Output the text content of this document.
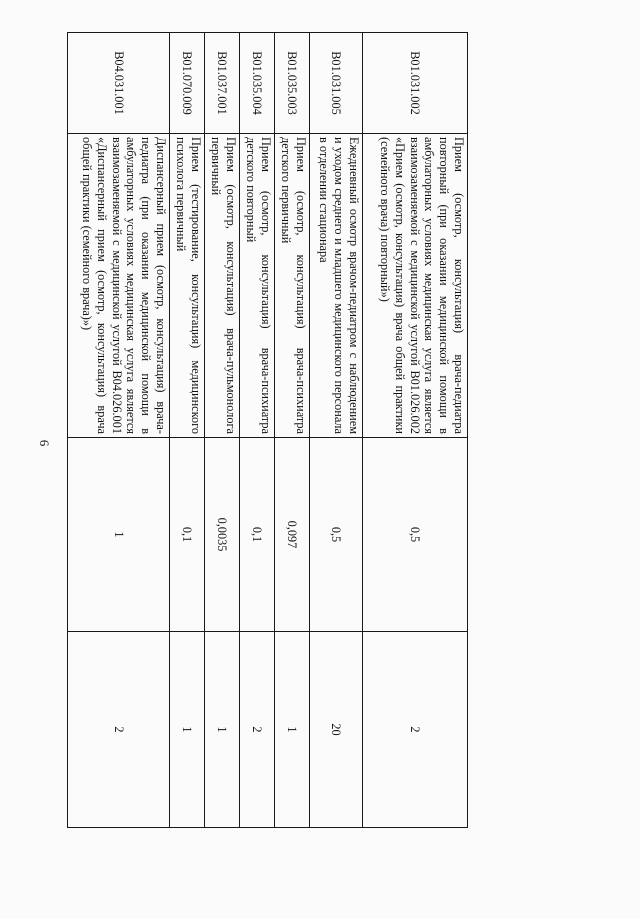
6
B01.031.002	Прием (осмотр, консультация) врача-педиатра повторный (при оказании медицинской помощи в амбулаторных условиях медицинская услуга является взаимозаменяемой с медицинской услугой B01.026.002 «Прием (осмотр, консультация) врача общей практики (семейного врача) повторный»)	0,5	2
B01.031.005	Ежедневный осмотр врачом-педиатром с наблюдением и уходом среднего и младшего медицинского персонала в отделении стационара	0,5	20
B01.035.003	Прием (осмотр, консультация) врача-психиатра детского первичный	0,097	1
B01.035.004	Прием (осмотр, консультация) врача-психиатра детского повторный	0,1	2
B01.037.001	Прием (осмотр, консультация) врача-пульмонолога первичный	0,0035	1
B01.070.009	Прием (тестирование, консультация) медицинского психолога первичный	0,1	1
B04.031.001	Диспансерный прием (осмотр, консультация) врача-педиатра (при оказании медицинской помощи в амбулаторных условиях медицинская услуга является взаимозаменяемой с медицинской услугой B04.026.001 «Диспансерный прием (осмотр, консультация) врача общей практики (семейного врача)»)	1	2
